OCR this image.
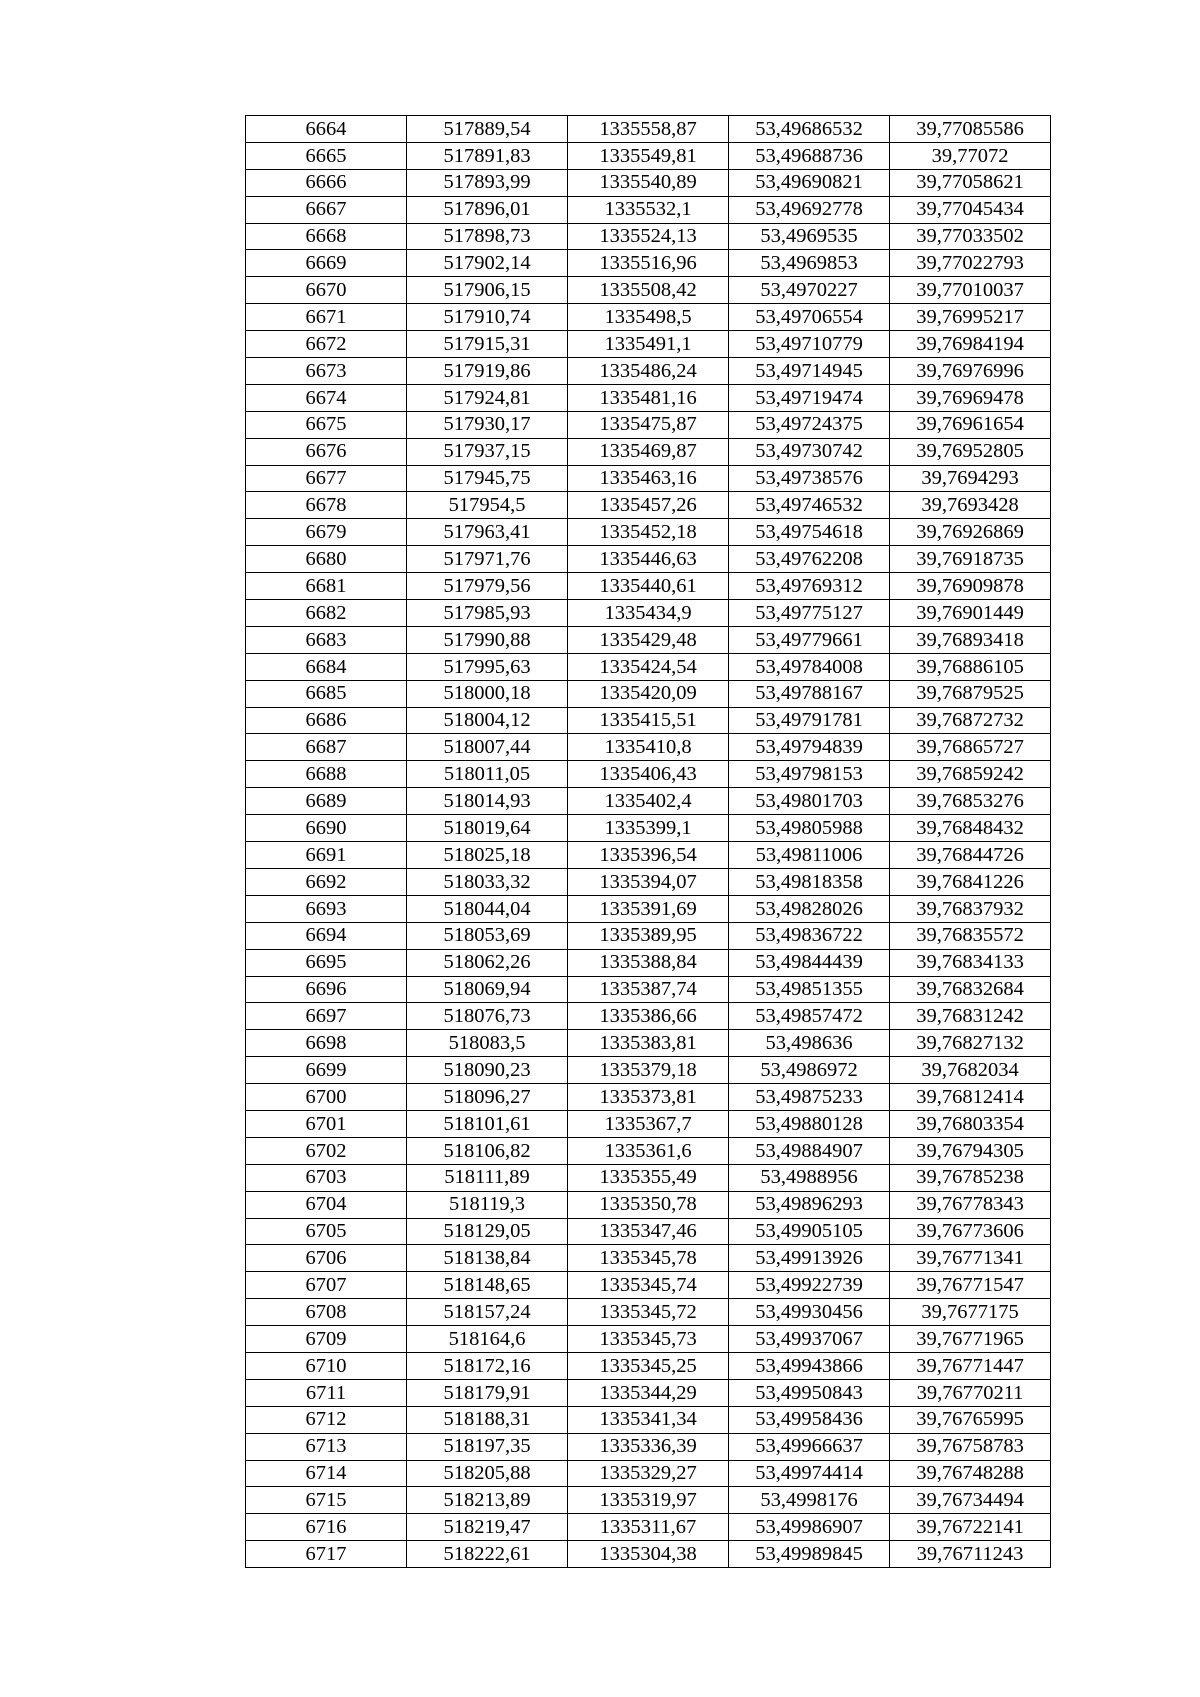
6664	517889,54	1335558,87	53,49686532	39,77085586
6665	517891,83	1335549,81	53,49688736	39,77072
6666	517893,99	1335540,89	53,49690821	39,77058621
6667	517896,01	1335532,1	53,49692778	39,77045434
6668	517898,73	1335524,13	53,4969535	39,77033502
6669	517902,14	1335516,96	53,4969853	39,77022793
6670	517906,15	1335508,42	53,4970227	39,77010037
6671	517910,74	1335498,5	53,49706554	39,76995217
6672	517915,31	1335491,1	53,49710779	39,76984194
6673	517919,86	1335486,24	53,49714945	39,76976996
6674	517924,81	1335481,16	53,49719474	39,76969478
6675	517930,17	1335475,87	53,49724375	39,76961654
6676	517937,15	1335469,87	53,49730742	39,76952805
6677	517945,75	1335463,16	53,49738576	39,7694293
6678	517954,5	1335457,26	53,49746532	39,7693428
6679	517963,41	1335452,18	53,49754618	39,76926869
6680	517971,76	1335446,63	53,49762208	39,76918735
6681	517979,56	1335440,61	53,49769312	39,76909878
6682	517985,93	1335434,9	53,49775127	39,76901449
6683	517990,88	1335429,48	53,49779661	39,76893418
6684	517995,63	1335424,54	53,49784008	39,76886105
6685	518000,18	1335420,09	53,49788167	39,76879525
6686	518004,12	1335415,51	53,49791781	39,76872732
6687	518007,44	1335410,8	53,49794839	39,76865727
6688	518011,05	1335406,43	53,49798153	39,76859242
6689	518014,93	1335402,4	53,49801703	39,76853276
6690	518019,64	1335399,1	53,49805988	39,76848432
6691	518025,18	1335396,54	53,49811006	39,76844726
6692	518033,32	1335394,07	53,49818358	39,76841226
6693	518044,04	1335391,69	53,49828026	39,76837932
6694	518053,69	1335389,95	53,49836722	39,76835572
6695	518062,26	1335388,84	53,49844439	39,76834133
6696	518069,94	1335387,74	53,49851355	39,76832684
6697	518076,73	1335386,66	53,49857472	39,76831242
6698	518083,5	1335383,81	53,498636	39,76827132
6699	518090,23	1335379,18	53,4986972	39,7682034
6700	518096,27	1335373,81	53,49875233	39,76812414
6701	518101,61	1335367,7	53,49880128	39,76803354
6702	518106,82	1335361,6	53,49884907	39,76794305
6703	518111,89	1335355,49	53,4988956	39,76785238
6704	518119,3	1335350,78	53,49896293	39,76778343
6705	518129,05	1335347,46	53,49905105	39,76773606
6706	518138,84	1335345,78	53,49913926	39,76771341
6707	518148,65	1335345,74	53,49922739	39,76771547
6708	518157,24	1335345,72	53,49930456	39,7677175
6709	518164,6	1335345,73	53,49937067	39,76771965
6710	518172,16	1335345,25	53,49943866	39,76771447
6711	518179,91	1335344,29	53,49950843	39,76770211
6712	518188,31	1335341,34	53,49958436	39,76765995
6713	518197,35	1335336,39	53,49966637	39,76758783
6714	518205,88	1335329,27	53,49974414	39,76748288
6715	518213,89	1335319,97	53,4998176	39,76734494
6716	518219,47	1335311,67	53,49986907	39,76722141
6717	518222,61	1335304,38	53,49989845	39,76711243
